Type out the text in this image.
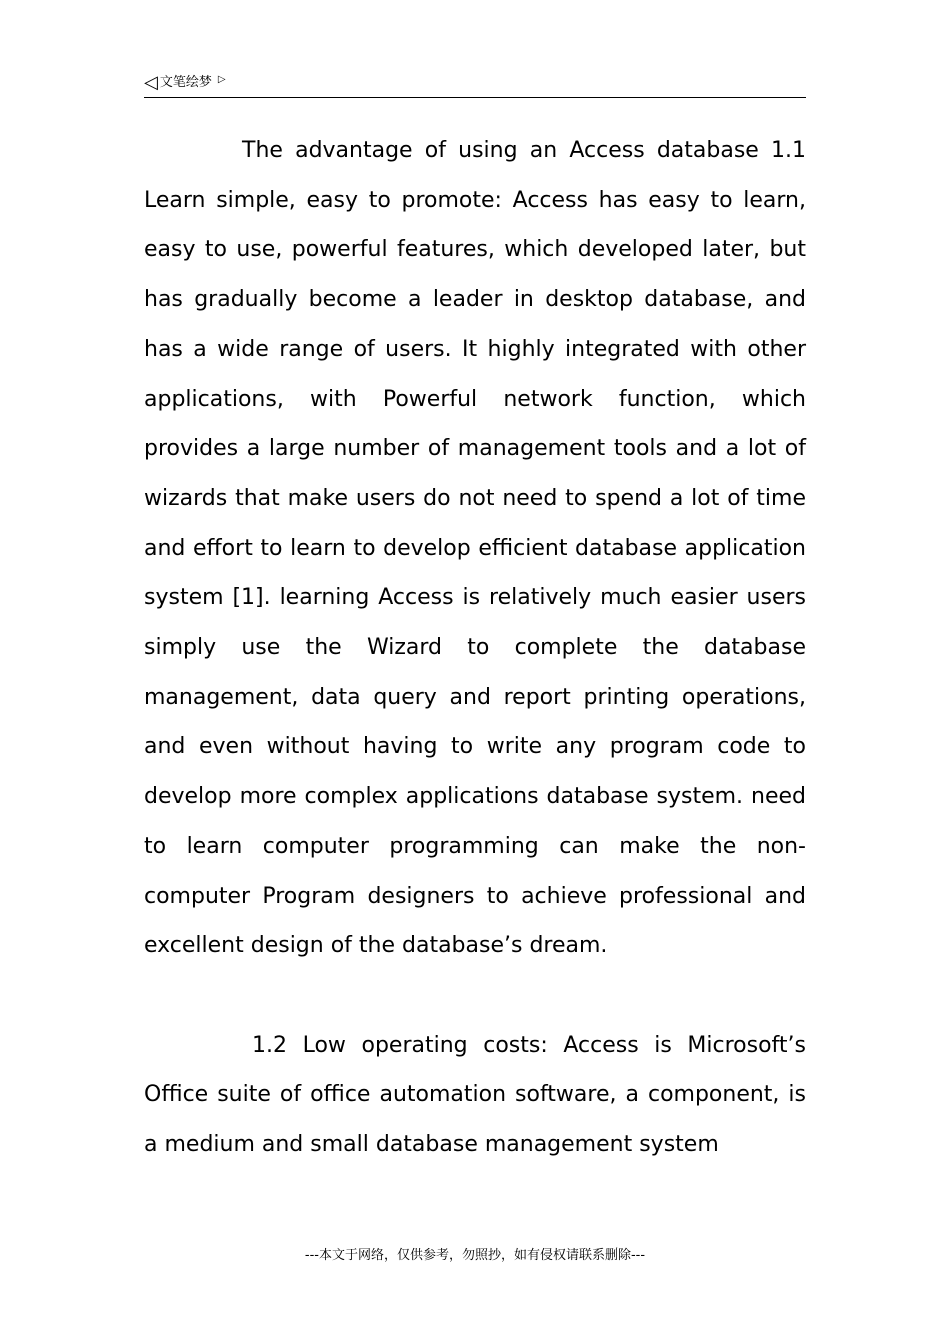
◁ 文笔绘梦 ▷

The advantage of using an Access database 1.1 Learn simple, easy to promote: Access has easy to learn, easy to use, powerful features, which developed later, but has gradually become a leader in desktop database, and has a wide range of users. It highly integrated with other applications, with Powerful network function, which provides a large number of management tools and a lot of wizards that make users do not need to spend a lot of time and effort to learn to develop efficient database application system [1]. learning Access is relatively much easier users simply use the Wizard to complete the database management, data query and report printing operations, and even without having to write any program code to develop more complex applications database system. need to learn computer programming can make the non-computer Program designers to achieve professional and excellent design of the database’s dream.

1.2 Low operating costs: Access is Microsoft’s Office suite of office automation software, a component, is a medium and small database management system

---本文于网络，仅供参考，勿照抄，如有侵权请联系删除---
